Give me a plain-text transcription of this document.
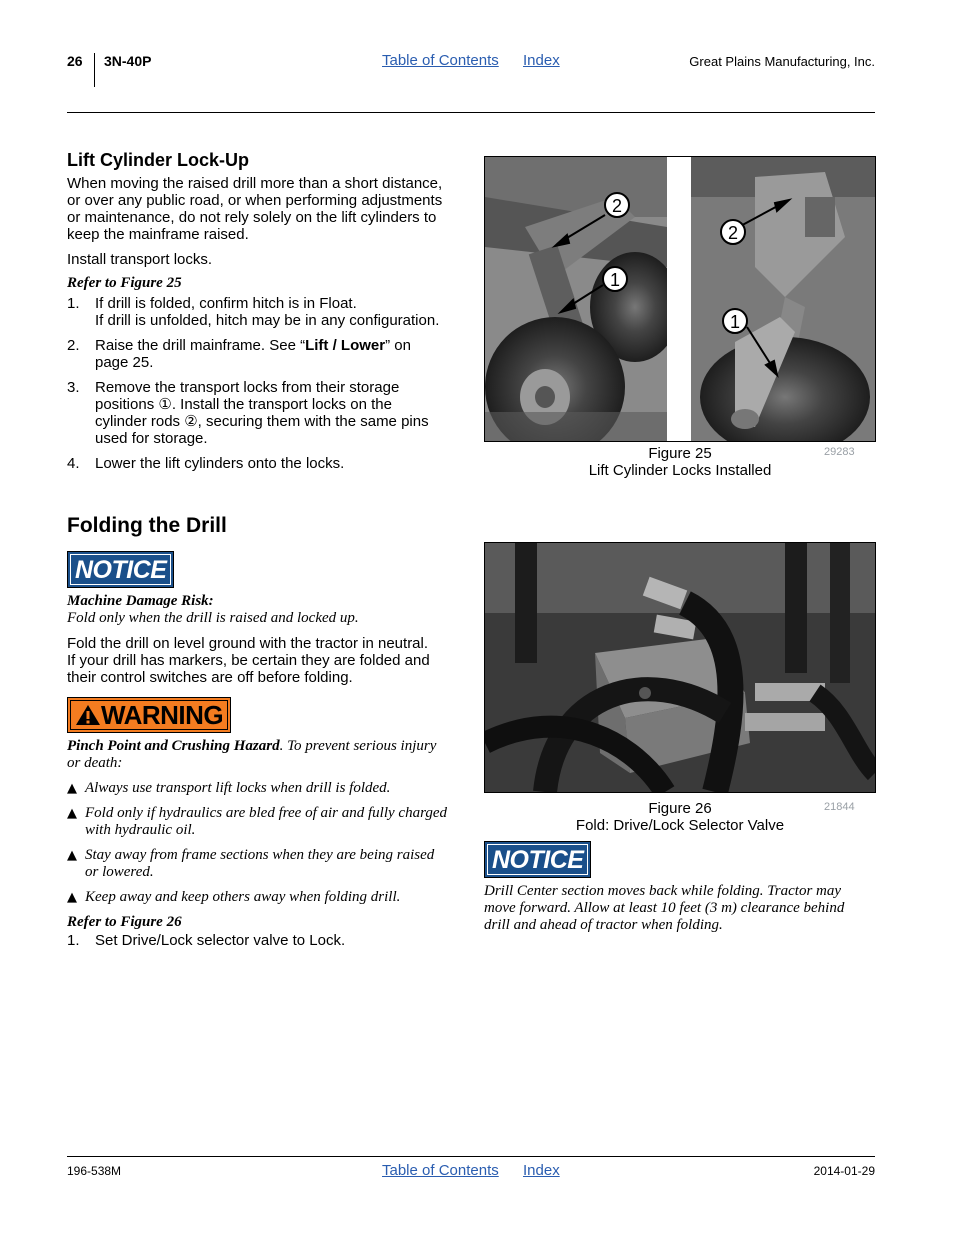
26 3N-40P	Table of Contents Index	Great Plains Manufacturing, Inc.
Lift Cylinder Lock-Up
When moving the raised drill more than a short distance,
or over any public road, or when performing adjustments
or maintenance, do not rely solely on the lift cylinders to
keep the mainframe raised.
Install transport locks.
Refer to Figure 25
1. If drill is folded, confirm hitch is in Float.
If drill is unfolded, hitch may be in any configuration.
2. Raise the drill mainframe. See “Lift / Lower” on
page 25.
3. Remove the transport locks from their storage
positions ①. Install the transport locks on the
cylinder rods ②, securing them with the same pins
used for storage.
4. Lower the lift cylinders onto the locks.
2
1
2
1
Figure 25
Lift Cylinder Locks Installed
29283
Folding the Drill
NOTICE
Machine Damage Risk:
Fold only when the drill is raised and locked up.
Fold the drill on level ground with the tractor in neutral.
If your drill has markers, be certain they are folded and
their control switches are off before folding.
WARNING
Pinch Point and Crushing Hazard. To prevent serious injury
or death:
▲ Always use transport lift locks when drill is folded.
▲ Fold only if hydraulics are bled free of air and fully charged
with hydraulic oil.
▲ Stay away from frame sections when they are being raised
or lowered.
▲ Keep away and keep others away when folding drill.
Refer to Figure 26
1. Set Drive/Lock selector valve to Lock.
Figure 26
Fold: Drive/Lock Selector Valve
21844
NOTICE
Drill Center section moves back while folding. Tractor may
move forward. Allow at least 10 feet (3 m) clearance behind
drill and ahead of tractor when folding.
196-538M	Table of Contents Index	2014-01-29
